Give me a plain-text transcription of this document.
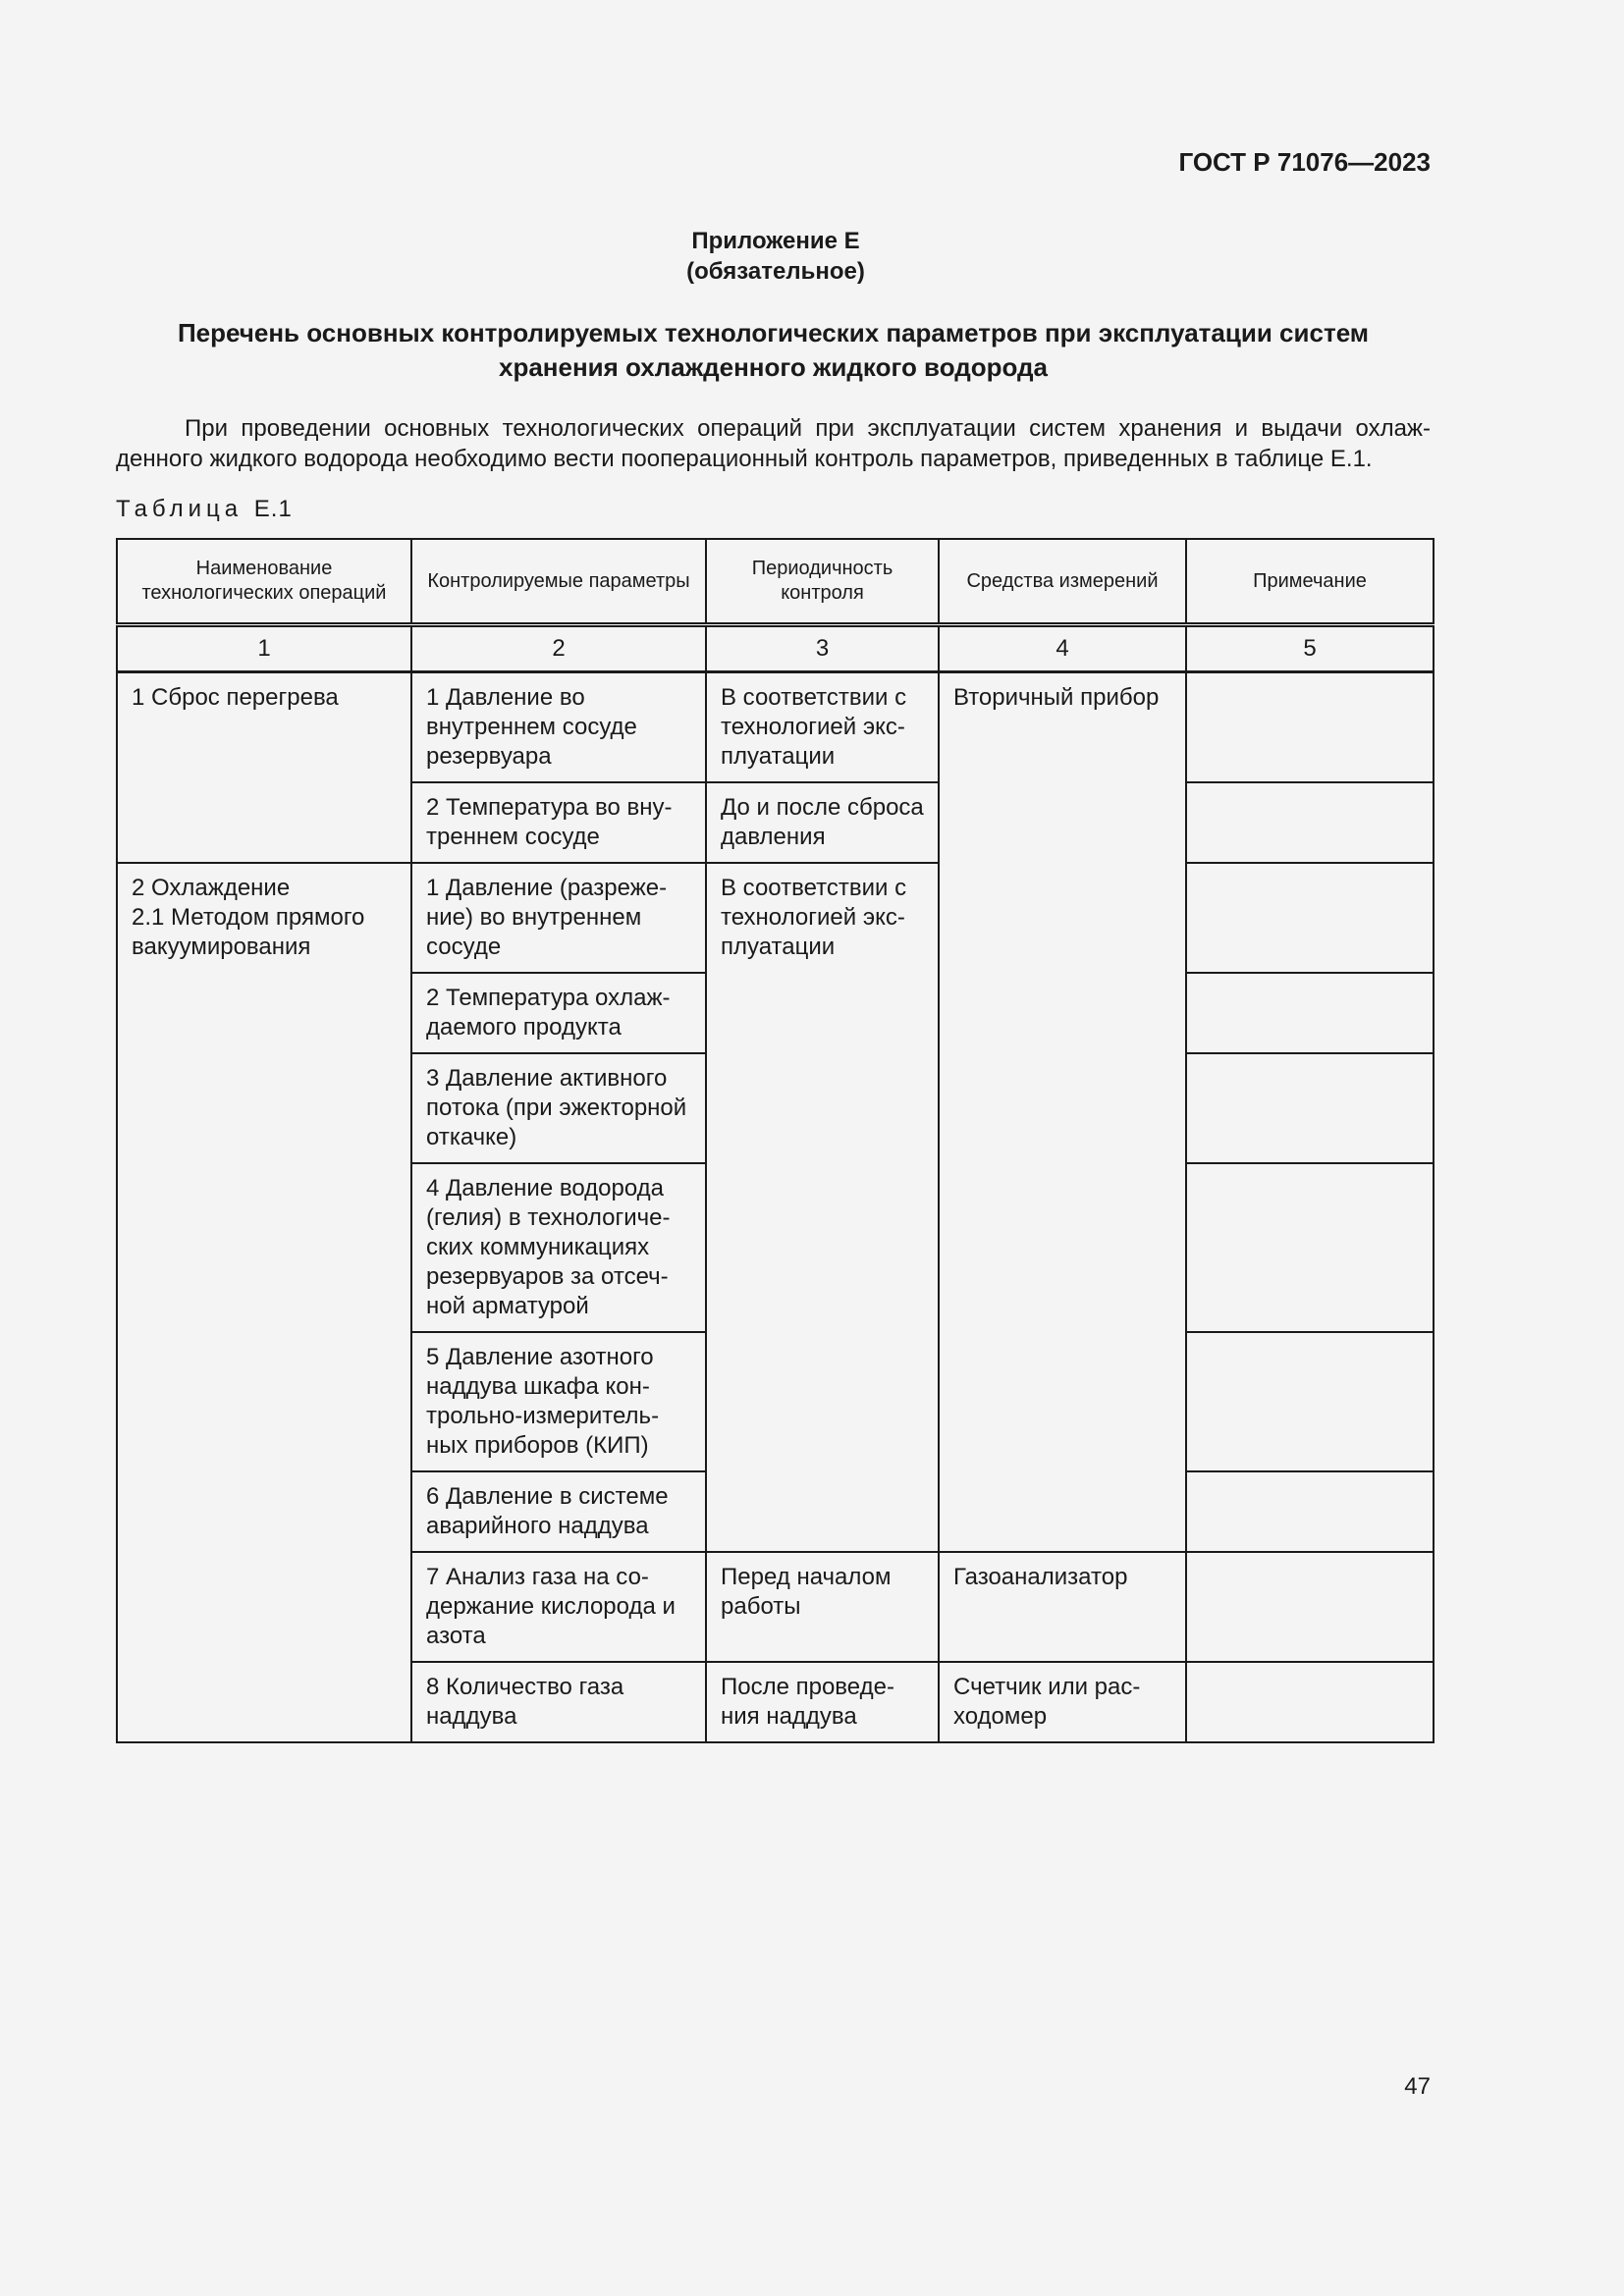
ГОСТ Р 71076—2023
Приложение Е
(обязательное)
Перечень основных контролируемых технологических параметров при эксплуатации систем
хранения охлажденного жидкого водорода

При проведении основных технологических операций при эксплуатации систем хранения и выдачи охлажденного жидкого водорода необходимо вести пооперационный контроль параметров, приведенных в таблице Е.1.

Таблица Е.1
Наименование технологических операций	Контролируемые параметры	Периодичность контроля	Средства измерений	Примечание
1	2	3	4	5
1 Сброс перегрева	1 Давление во внутреннем сосуде резервуара	В соответствии с технологией эксплуатации	Вторичный прибор	
	2 Температура во внутреннем сосуде	До и после сброса давления		

2 Охлаждение
2.1 Методом прямого вакуумирования	1 Давление (разрежение) во внутреннем сосуде	В соответствии с технологией эксплуатации		
	2 Температура охлаждаемого продукта			
	3 Давление активного потока (при эжекторной откачке)			
	4 Давление водорода (гелия) в технологических коммуникациях резервуаров за отсечной арматурой			
	5 Давление азотного наддува шкафа контрольно-измерительных приборов (КИП)			
	6 Давление в системе аварийного наддува			
	7 Анализ газа на содержание кислорода и азота	Перед началом работы	Газоанализатор	
	8 Количество газа наддува	После проведения наддува	Счетчик или расходомер	
47
